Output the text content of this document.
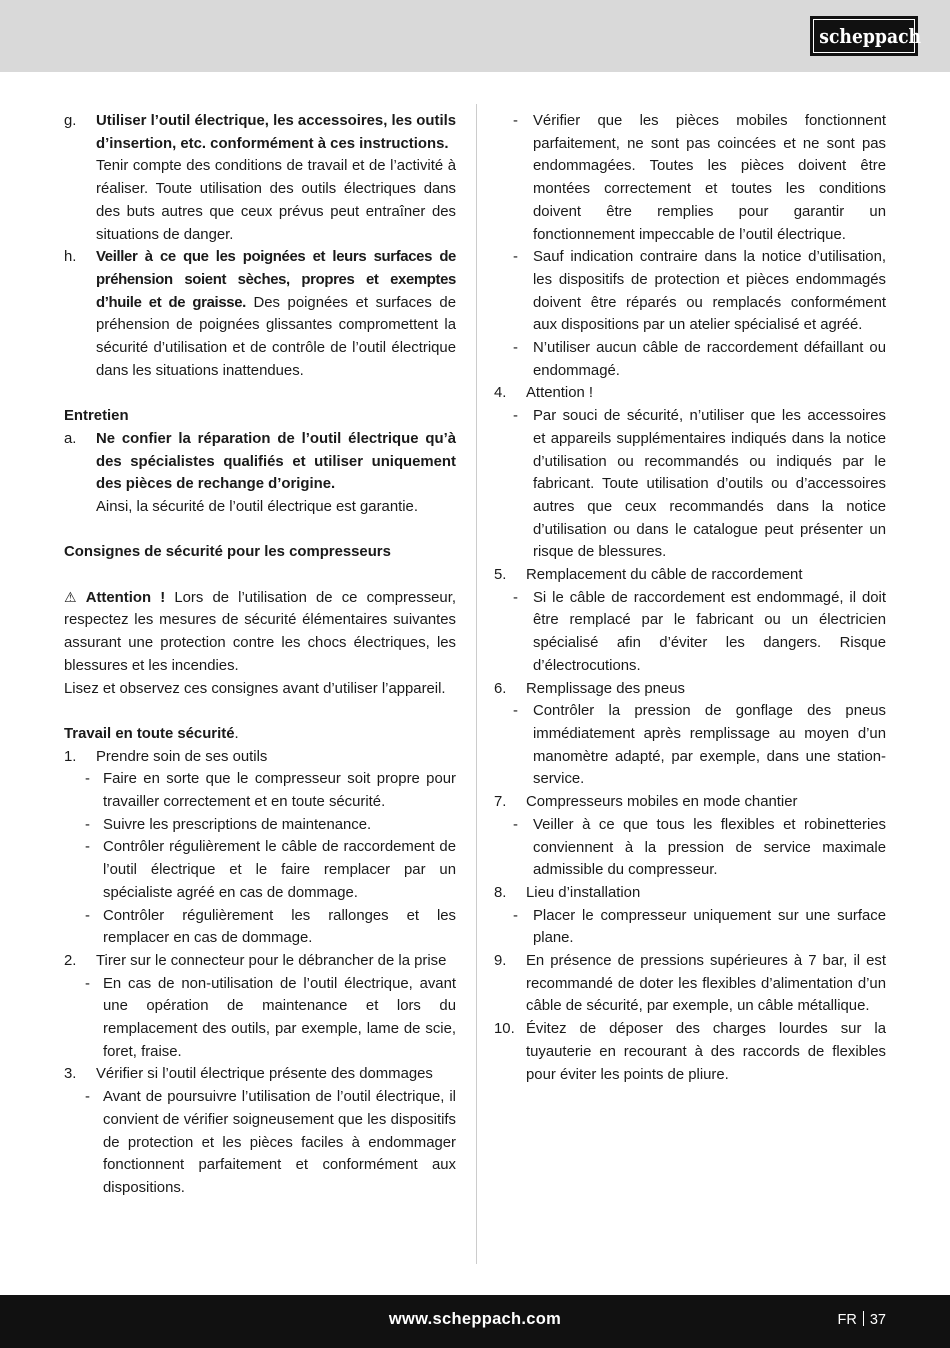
scheppach
g. Utiliser l’outil électrique, les accessoires, les outils d’insertion, etc. conformément à ces instructions.
Tenir compte des conditions de travail et de l’activité à réaliser. Toute utilisation des outils électriques dans des buts autres que ceux prévus peut entraîner des situations de danger.
h. Veiller à ce que les poignées et leurs surfaces de préhension soient sèches, propres et exemptes d’huile et de graisse. Des poignées et surfaces de préhension de poignées glissantes compromettent la sécurité d’utilisation et de contrôle de l’outil électrique dans les situations inattendues.
Entretien
a. Ne confier la réparation de l’outil électrique qu’à des spécialistes qualifiés et utiliser uniquement des pièces de rechange d’origine.
Ainsi, la sécurité de l’outil électrique est garantie.
Consignes de sécurité pour les compresseurs
⚠ Attention ! Lors de l’utilisation de ce compresseur, respectez les mesures de sécurité élémentaires suivantes assurant une protection contre les chocs électriques, les blessures et les incendies.
Lisez et observez ces consignes avant d’utiliser l’appareil.
Travail en toute sécurité.
1. Prendre soin de ses outils
- Faire en sorte que le compresseur soit propre pour travailler correctement et en toute sécurité.
- Suivre les prescriptions de maintenance.
- Contrôler régulièrement le câble de raccordement de l’outil électrique et le faire remplacer par un spécialiste agréé en cas de dommage.
- Contrôler régulièrement les rallonges et les remplacer en cas de dommage.
2. Tirer sur le connecteur pour le débrancher de la prise
- En cas de non-utilisation de l’outil électrique, avant une opération de maintenance et lors du remplacement des outils, par exemple, lame de scie, foret, fraise.
3. Vérifier si l’outil électrique présente des dommages
- Avant de poursuivre l’utilisation de l’outil électrique, il convient de vérifier soigneusement que les dispositifs de protection et les pièces faciles à endommager fonctionnent parfaitement et conformément aux dispositions.
- Vérifier que les pièces mobiles fonctionnent parfaitement, ne sont pas coincées et ne sont pas endommagées. Toutes les pièces doivent être montées correctement et toutes les conditions doivent être remplies pour garantir un fonctionnement impeccable de l’outil électrique.
- Sauf indication contraire dans la notice d’utilisation, les dispositifs de protection et pièces endommagés doivent être réparés ou remplacés conformément aux dispositions par un atelier spécialisé et agréé.
- N’utiliser aucun câble de raccordement défaillant ou endommagé.
4. Attention !
- Par souci de sécurité, n’utiliser que les accessoires et appareils supplémentaires indiqués dans la notice d’utilisation ou recommandés ou indiqués par le fabricant. Toute utilisation d’outils ou d’accessoires autres que ceux recommandés dans la notice d’utilisation ou dans le catalogue peut présenter un risque de blessures.
5. Remplacement du câble de raccordement
- Si le câble de raccordement est endommagé, il doit être remplacé par le fabricant ou un électricien spécialisé afin d’éviter les dangers. Risque d’électrocutions.
6. Remplissage des pneus
- Contrôler la pression de gonflage des pneus immédiatement après remplissage au moyen d’un manomètre adapté, par exemple, dans une station-service.
7. Compresseurs mobiles en mode chantier
- Veiller à ce que tous les flexibles et robinetteries conviennent à la pression de service maximale admissible du compresseur.
8. Lieu d’installation
- Placer le compresseur uniquement sur une surface plane.
9. En présence de pressions supérieures à 7 bar, il est recommandé de doter les flexibles d’alimentation d’un câble de sécurité, par exemple, un câble métallique.
10. Évitez de déposer des charges lourdes sur la tuyauterie en recourant à des raccords de flexibles pour éviter les points de pliure.
www.scheppach.com	FR 37
